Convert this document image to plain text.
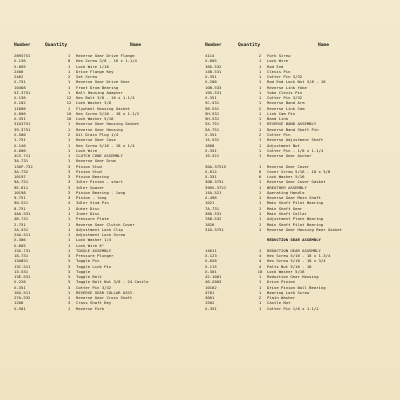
Number	Quantity	Name	Number	Quantity	Name
26R5751	1	Reverse Gear Drive Flange
X-136	8	Hex Screw 3/8 - 16 x 1-1/4
X-605	1	Lock Wire 1/16
2406	1	Drive Flange Key
2462	2	Set Screw
X-751	1	Reverse Gear Drive Gear
10468	1	Front Drum Bearing
5I-3751	1	Ball Housing Adapter
X-136	12	Hex Bolt 3/8 - 16 x 1-1/4
X-102	12	Lock Washer 3/8
11606	1	Flywheel Housing Gasket
X-806	10	Hex Screw 5/16 - 18 x 1-1/2
X-351	10	Lock Washer 5/16
3IA3751	1	Reverse Gear Housing Gasket
39-3751	1	Reverse Gear Housing
X-500	2	Oil Drain Plug 1/4
1-751	1	Reverse Gear Case
X-146	1	Hex Screw 5/16 - 18 x 1/4
X-606	1	Lock Wire
4CX-711	1	CLUTCH CONE ASSEMBLY
3A-731	1	Reverse Gear Drum
13AP-732	3	Pinion Stud
3A-732	3	Pinion Stud
10197	3	Pinion Bearing
9A-751	3	Idler Pinion - short
9E-811	3	Idler Spacer
10198	3	Pinion Bearing - long
9-751	3	Pinion - long
90-521	4	Idler Stud Pin
8-751	1	Outer Disc
4AA-531	1	Inner Disc
4B-731	1	Pressure Plate
2-751	1	Reverse Gear Clutch Cover
2A-531	1	Adjustment Lock Clip
24A-511	1	Adjustment Lock Screw
X-306	1	Lock Washer 1/4
X-605	1	Lock Wire 6"
13X-731	1	TOGGLE ASSEMBLY
18-731	3	Pressure Plunger
13A851	3	Toggle Pin
13C-511	3	Toggle Link Pin
13-531	3	Toggle
13E-531	3	Toggle Bolt
X-226	3	Toggle Bolt Nut 3/8 - 24 Castle
X-351	3	Cotter Pin 3/32
16X-511	1	REVERSE GEAR COLLAR ASSY.
27A-532	1	Reverse Gear Cross Shaft
1206	3	Cross Shaft Key
X-501	1	Reverse Fork
4114	2	Fork Screw
X-605	1	Lock Wire
16D-532	1	Rod End
14B-531	1	Clevis Pin
X-351	1	Cotter Pin 3/32
X-206	1	Rod End Lock Nut 3/8 - 16
10B-533	1	Reverse Link Yoke
19G-531	1	Yoke Clevis Pin
X-351	1	Cotter Pin 3/32
5C-531	1	Reverse Band Arm
5B-531	2	Reverse Link Cam
5H-531	1	Link Cam Pin
5H-531	1	Band Link
5X-751	1	REVERSE BAND ASSEMBLY
5A-751	1	Reverse Band Shaft Pin
X-351	2	Cotter Pin
15-531	1	Reverse Adjustment Shaft
1808	1	Adjustment Nut
X-351	1	Cotter Pin - 1/8 x 1-1/4
19-521	1	Reverse Gear Anchor
30A-3751X	1	Reverse Gear Cover
X-812	6	Cover Screw 5/16 - 18 x 5/8
X-351	6	Lock Washer 5/16
30B-3751	1	Reverse Gear Cover Gasket
39HX-3721	1	BREATHER ASSEMBLY
14A-521	1	Operating Handle
X-496	1	Reverse Gear Main Shaft
1021	1	Main Shaft Pilot Bearing
7A-731	1	Main Shaft Gear
36D-531	1	Main Shaft Collar
7AB-532	1	Adjustment Plate Bearing
1826	1	Main Shaft Pilot Bearing
31D-3751	1	Reverse Gear Housing Rear Gasket
REDUCTION GEAR ASSEMBLY
14611	1	REDUCTION GEAR ASSEMBLY
X-123	4	Hex Screw 5/16 - 18 x 1-3/4
X-826	4	Hex Screw 5/16 - 18 x 3/4
X-115	4	Palts Nut 5/16 - 18
X-301	10	Lock Washer 5/16
42-1001	1	Reduction Gear Housing
46-2003	1	Drive Pinion
10162	1	Drive Pinion Ball Bearing
4701	1	Bearing Lock Screw
3001	2	Plain Washer
1502	1	Castle Nut
X-351	1	Cotter Pin 1/8 x 1-1/2
